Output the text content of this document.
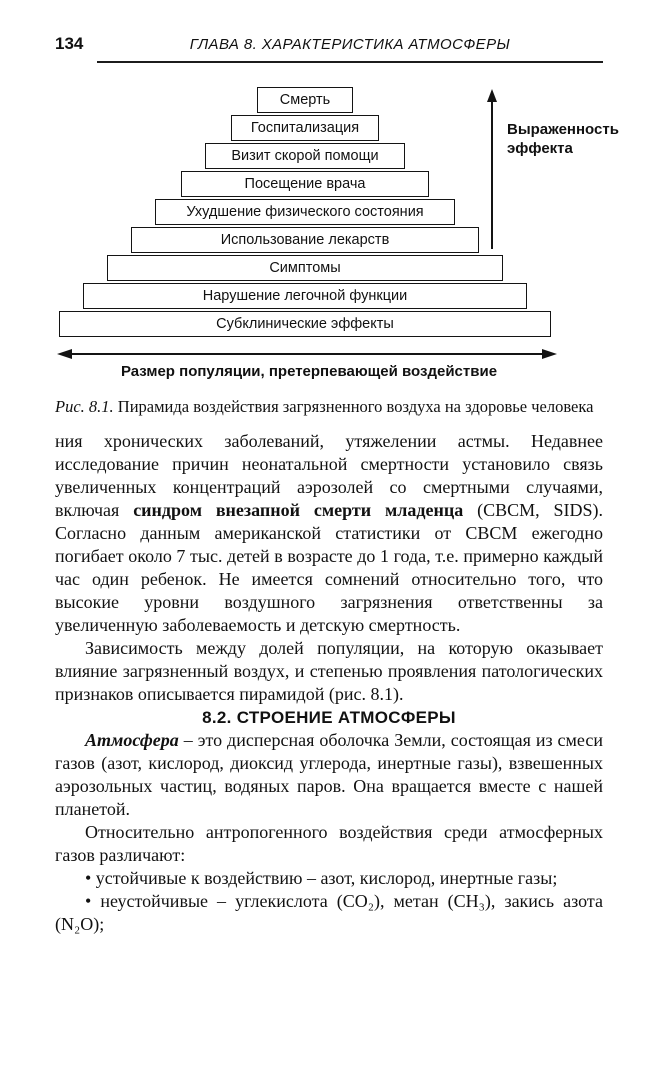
134	ГЛАВА 8. ХАРАКТЕРИСТИКА АТМОСФЕРЫ
Смерть
Госпитализация
Визит скорой помощи
Посещение врача
Ухудшение физического состояния
Использование лекарств
Симптомы
Нарушение легочной функции
Субклинические эффекты
Выраженность эффекта
Размер популяции, претерпевающей воздействие
Рис. 8.1. Пирамида воздействия загрязненного воздуха на здоровье человека

ния хронических заболеваний, утяжелении астмы. Недавнее исследование причин неонатальной смертности установило связь увеличенных концентраций аэрозолей со смертными случаями, включая синдром внезапной смерти младенца (СВСМ, SIDS). Согласно данным американской статистики от СВСМ ежегодно погибает около 7 тыс. детей в возрасте до 1 года, т.е. примерно каждый час один ребенок. Не имеется сомнений относительно того, что высокие уровни воздушного загрязнения ответственны за увеличенную заболеваемость и детскую смертность.

Зависимость между долей популяции, на которую оказывает влияние загрязненный воздух, и степенью проявления патологических признаков описывается пирамидой (рис. 8.1).

8.2. СТРОЕНИЕ АТМОСФЕРЫ

Атмосфера – это дисперсная оболочка Земли, состоящая из смеси газов (азот, кислород, диоксид углерода, инертные газы), взвешенных аэрозольных частиц, водяных паров. Она вращается вместе с нашей планетой.

Относительно антропогенного воздействия среди атмосферных газов различают:

• устойчивые к воздействию – азот, кислород, инертные газы;

• неустойчивые – углекислота (CO₂), метан (CH₃), закись азота (N₂O);
